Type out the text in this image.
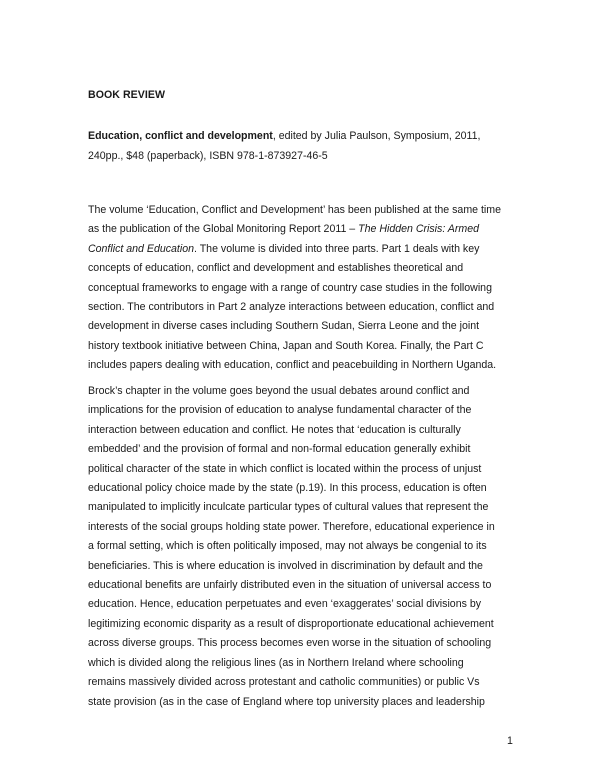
BOOK REVIEW
Education, conflict and development, edited by Julia Paulson, Symposium, 2011,
240pp., $48 (paperback), ISBN 978-1-873927-46-5
The volume ‘Education, Conflict and Development’ has been published at the same time
as the publication of the Global Monitoring Report 2011 – The Hidden Crisis: Armed
Conflict and Education. The volume is divided into three parts. Part 1 deals with key
concepts of education, conflict and development and establishes theoretical and
conceptual frameworks to engage with a range of country case studies in the following
section. The contributors in Part 2 analyze interactions between education, conflict and
development in diverse cases including Southern Sudan, Sierra Leone and the joint
history textbook initiative between China, Japan and South Korea. Finally, the Part C
includes papers dealing with education, conflict and peacebuilding in Northern Uganda.
Brock’s chapter in the volume goes beyond the usual debates around conflict and
implications for the provision of education to analyse fundamental character of the
interaction between education and conflict. He notes that ‘education is culturally
embedded’ and the provision of formal and non-formal education generally exhibit
political character of the state in which conflict is located within the process of unjust
educational policy choice made by the state (p.19). In this process, education is often
manipulated to implicitly inculcate particular types of cultural values that represent the
interests of the social groups holding state power. Therefore, educational experience in
a formal setting, which is often politically imposed, may not always be congenial to its
beneficiaries. This is where education is involved in discrimination by default and the
educational benefits are unfairly distributed even in the situation of universal access to
education. Hence, education perpetuates and even ‘exaggerates’ social divisions by
legitimizing economic disparity as a result of disproportionate educational achievement
across diverse groups. This process becomes even worse in the situation of schooling
which is divided along the religious lines (as in Northern Ireland where schooling
remains massively divided across protestant and catholic communities) or public Vs
state provision (as in the case of England where top university places and leadership
1
